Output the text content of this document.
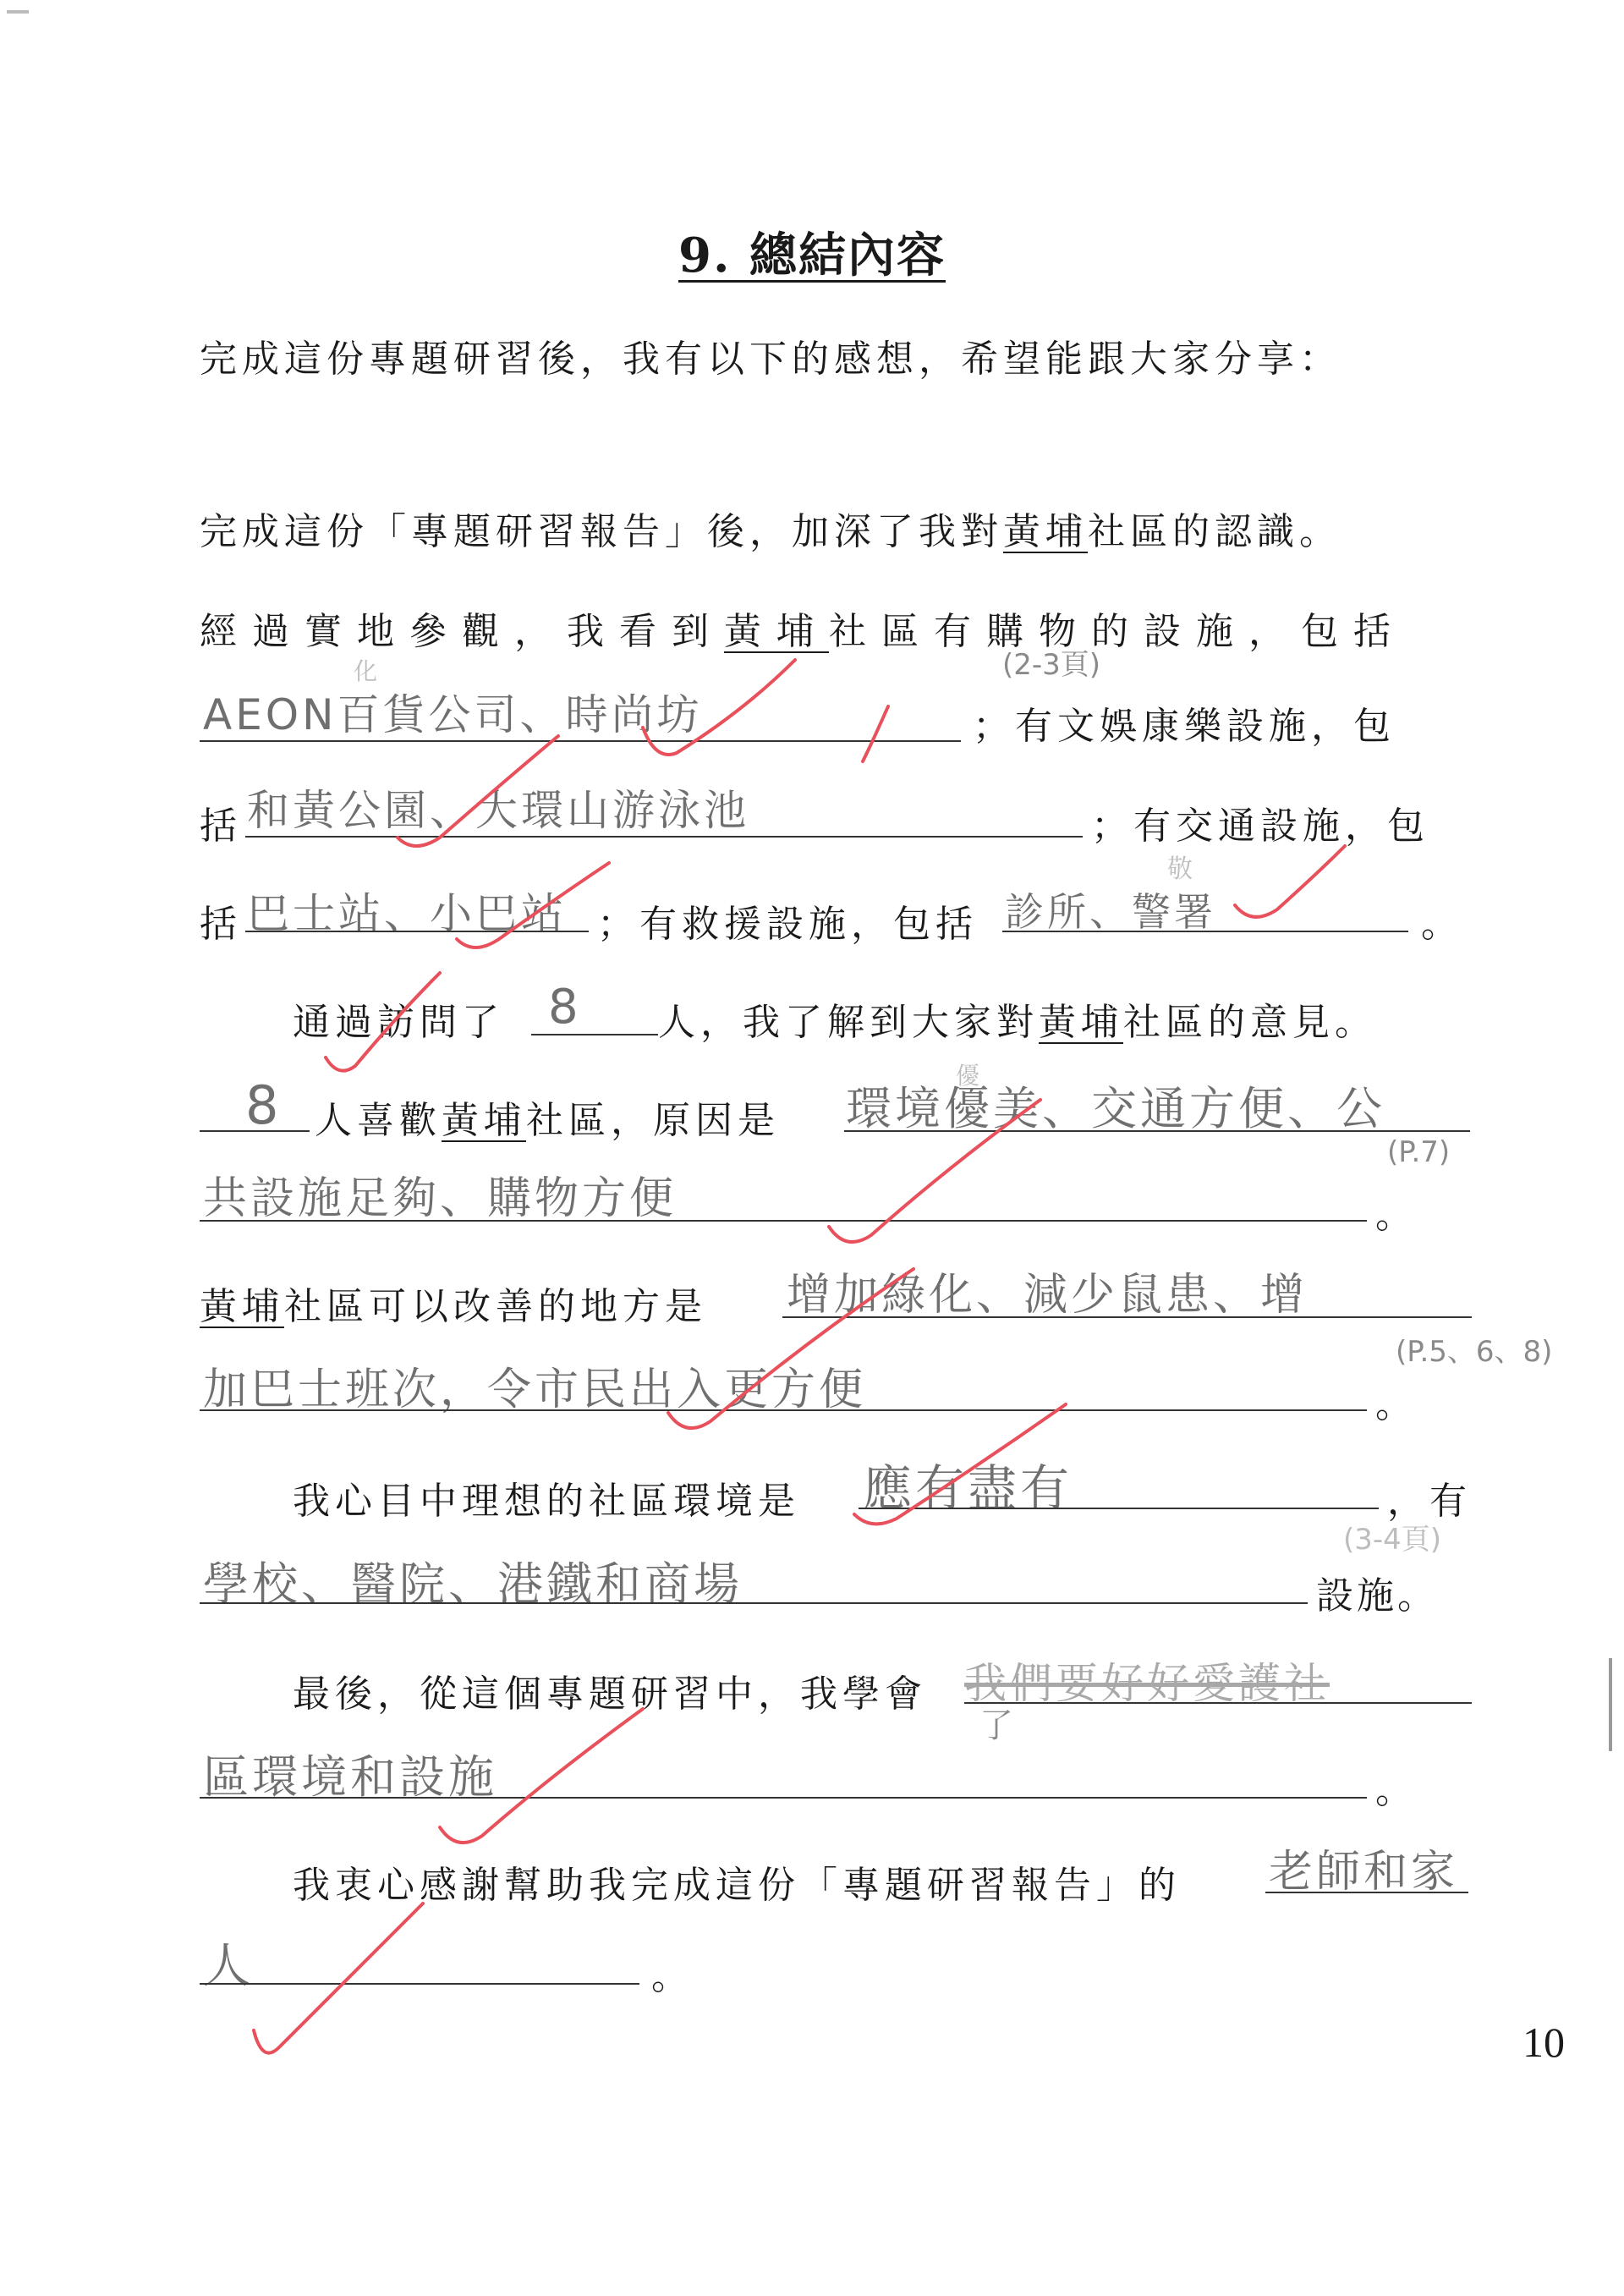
9. 總結內容
完成這份專題研習後，我有以下的感想，希望能跟大家分享：
完成這份「專題研習報告」後，加深了我對黃埔社區的認識。
經過實地參觀，我看到黃埔社區有購物的設施，包括
(2-3頁)
化
AEON百貨公司、時尚坊	；有文娛康樂設施，包
括 和黃公園、大環山游泳池	；有交通設施，包
括 巴士站、小巴站 ；有救援設施，包括
敬
診所、警署	。
通過訪問了 8 人，我了解到大家對黃埔社區的意見。
8 人喜歡黃埔社區，原因是
優
環境優美、交通方便、公
共設施足夠、購物方便
(P.7)
。
黃埔社區可以改善的地方是 增加綠化、減少鼠患、增
加巴士班次，令市民出入更方便
(P.5、6、8)
。
我心目中理想的社區環境是 應有盡有	，有
學校、醫院、港鐵和商場
(3-4頁)
設施。
最後，從這個專題研習中，我學會 我們要好好愛護社
了
區環境和設施	。
我衷心感謝幫助我完成這份「專題研習報告」的 老師和家
人	。
10
